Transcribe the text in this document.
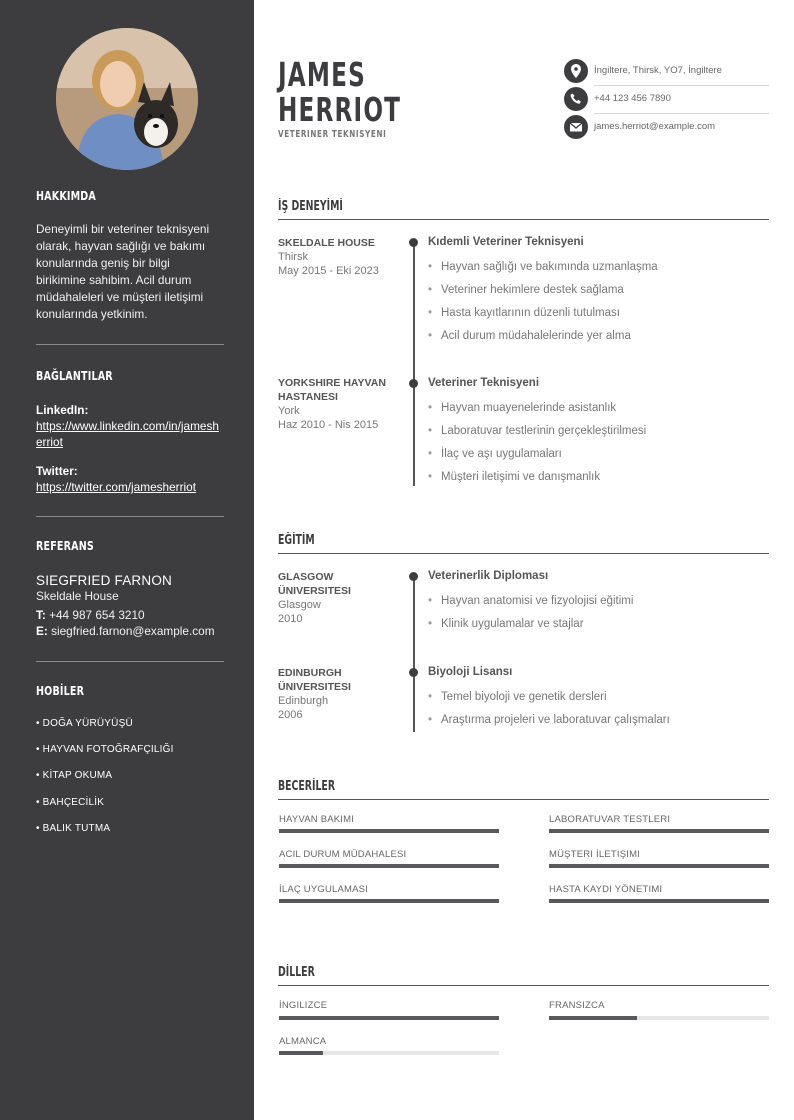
HAKKIMDA
Deneyimli bir veteriner teknisyeni
olarak, hayvan sağlığı ve bakımı
konularında geniş bir bilgi
birikimine sahibim. Acil durum
müdahaleleri ve müşteri iletişimi
konularında yetkinim.
BAĞLANTILAR
LinkedIn:
https://www.linkedin.com/in/jamesherriot
Twitter:
https://twitter.com/jamesherriot
REFERANS
SIEGFRIED FARNON
Skeldale House
T: +44 987 654 3210
E: siegfried.farnon@example.com
HOBİLER
• DOĞA YÜRÜYÜŞÜ
• HAYVAN FOTOĞRAFÇILIĞI
• KİTAP OKUMA
• BAHÇECİLİK
• BALIK TUTMA
JAMES
HERRIOT
VETERINER TEKNISYENI
İngiltere, Thirsk, YO7, İngiltere
+44 123 456 7890
james.herriot@example.com
İŞ DENEYİMİ
SKELDALE HOUSE
Thirsk
May 2015 - Eki 2023
Kıdemli Veteriner Teknisyeni
• Hayvan sağlığı ve bakımında uzmanlaşma
• Veteriner hekimlere destek sağlama
• Hasta kayıtlarının düzenli tutulması
• Acil durum müdahalelerinde yer alma
YORKSHIRE HAYVAN HASTANESI
York
Haz 2010 - Nis 2015
Veteriner Teknisyeni
• Hayvan muayenelerinde asistanlık
• Laboratuvar testlerinin gerçekleştirilmesi
• İlaç ve aşı uygulamaları
• Müşteri iletişimi ve danışmanlık
EĞİTİM
GLASGOW ÜNIVERSITESI
Glasgow
2010
Veterinerlik Diploması
• Hayvan anatomisi ve fizyolojisi eğitimi
• Klinik uygulamalar ve stajlar
EDINBURGH ÜNIVERSITESI
Edinburgh
2006
Biyoloji Lisansı
• Temel biyoloji ve genetik dersleri
• Araştırma projeleri ve laboratuvar çalışmaları
BECERİLER
HAYVAN BAKIMI	LABORATUVAR TESTLERI
ACIL DURUM MÜDAHALESI	MÜŞTERI İLETIŞIMI
İLAÇ UYGULAMASI	HASTA KAYDI YÖNETIMI
DİLLER
İNGILIZCE	FRANSIZCA
ALMANCA
